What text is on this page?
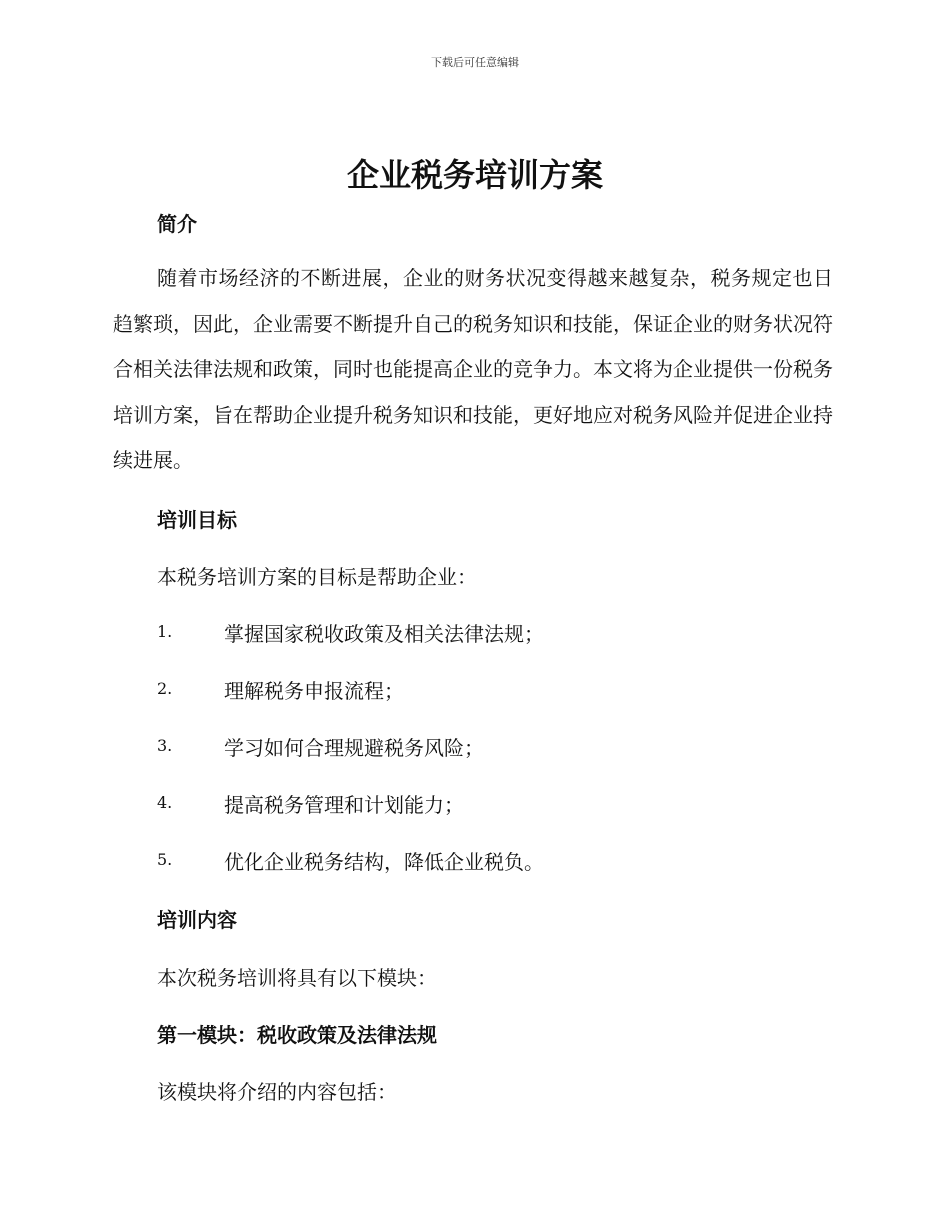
下载后可任意编辑
企业税务培训方案
简介
随着市场经济的不断进展，企业的财务状况变得越来越复杂，税务规定也日趋繁琐，因此，企业需要不断提升自己的税务知识和技能，保证企业的财务状况符合相关法律法规和政策，同时也能提高企业的竞争力。本文将为企业提供一份税务培训方案，旨在帮助企业提升税务知识和技能，更好地应对税务风险并促进企业持续进展。
培训目标
本税务培训方案的目标是帮助企业：
1.	掌握国家税收政策及相关法律法规；
2.	理解税务申报流程；
3.	学习如何合理规避税务风险；
4.	提高税务管理和计划能力；
5.	优化企业税务结构，降低企业税负。
培训内容
本次税务培训将具有以下模块：
第一模块：税收政策及法律法规
该模块将介绍的内容包括：
